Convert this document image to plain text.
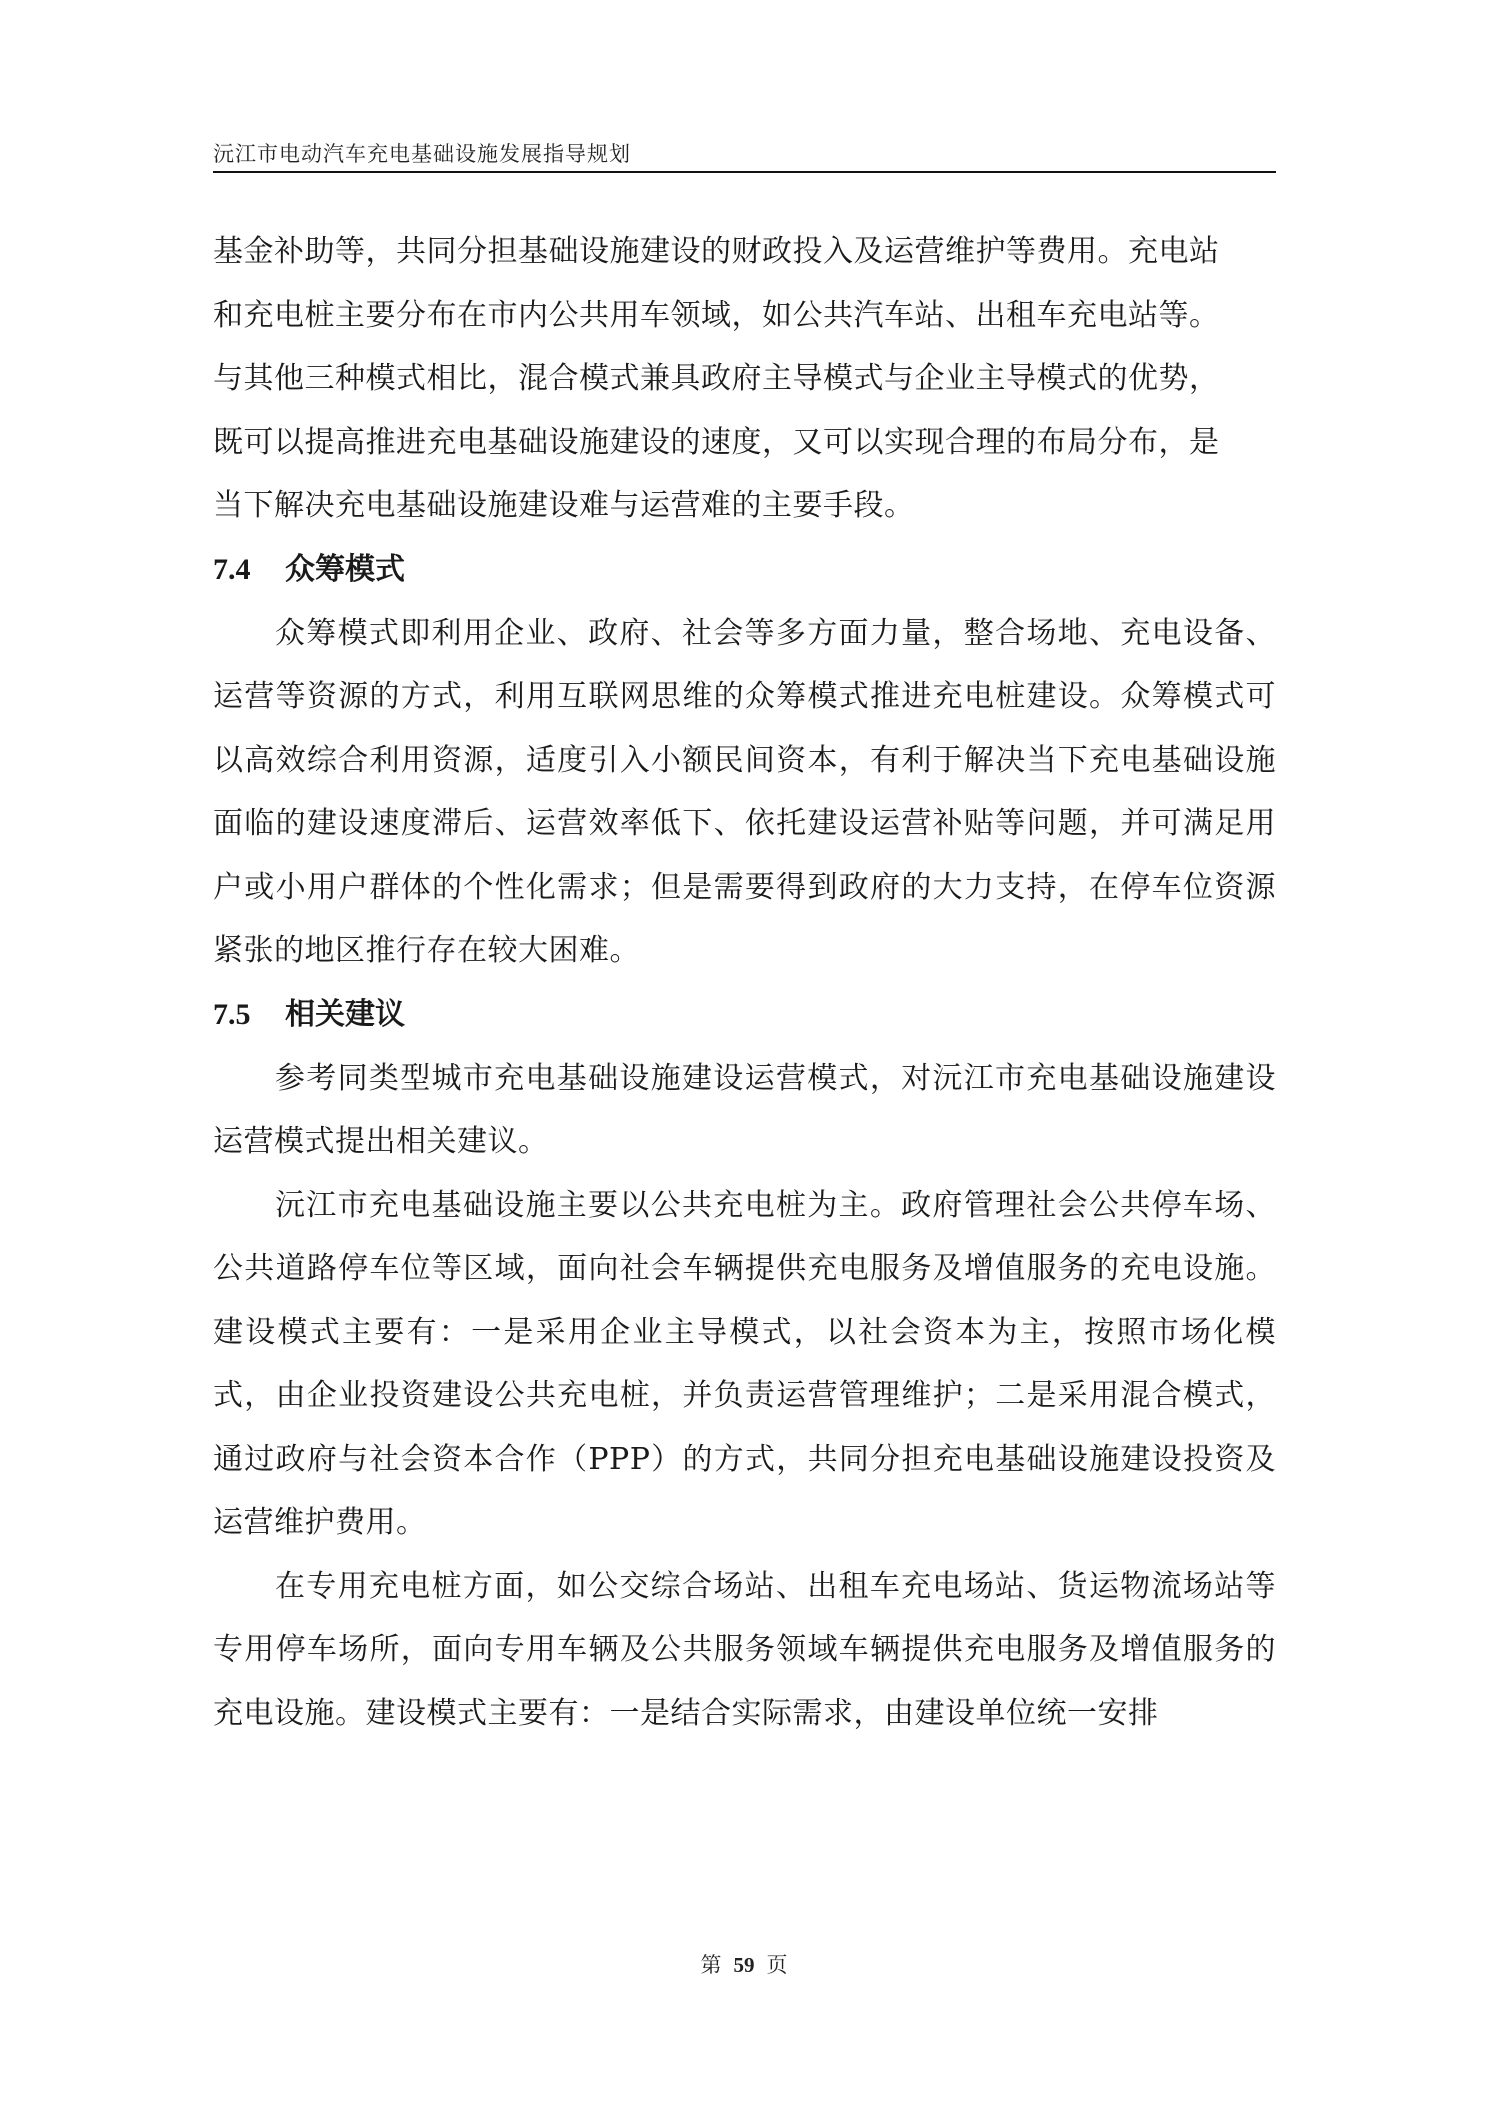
沅江市电动汽车充电基础设施发展指导规划

基金补助等，共同分担基础设施建设的财政投入及运营维护等费用。充电站
和充电桩主要分布在市内公共用车领域，如公共汽车站、出租车充电站等。
与其他三种模式相比，混合模式兼具政府主导模式与企业主导模式的优势，
既可以提高推进充电基础设施建设的速度，又可以实现合理的布局分布，是
当下解决充电基础设施建设难与运营难的主要手段。

7.4 众筹模式

众筹模式即利用企业、政府、社会等多方面力量，整合场地、充电设备、运营等资源的方式，利用互联网思维的众筹模式推进充电桩建设。众筹模式可以高效综合利用资源，适度引入小额民间资本，有利于解决当下充电基础设施面临的建设速度滞后、运营效率低下、依托建设运营补贴等问题，并可满足用户或小用户群体的个性化需求；但是需要得到政府的大力支持，在停车位资源紧张的地区推行存在较大困难。

7.5 相关建议

参考同类型城市充电基础设施建设运营模式，对沅江市充电基础设施建设运营模式提出相关建议。

沅江市充电基础设施主要以公共充电桩为主。政府管理社会公共停车场、公共道路停车位等区域，面向社会车辆提供充电服务及增值服务的充电设施。建设模式主要有：一是采用企业主导模式，以社会资本为主，按照市场化模式，由企业投资建设公共充电桩，并负责运营管理维护；二是采用混合模式，通过政府与社会资本合作（PPP）的方式，共同分担充电基础设施建设投资及运营维护费用。

在专用充电桩方面，如公交综合场站、出租车充电场站、货运物流场站等专用停车场所，面向专用车辆及公共服务领域车辆提供充电服务及增值服务的充电设施。建设模式主要有：一是结合实际需求，由建设单位统一安排

第 59 页
